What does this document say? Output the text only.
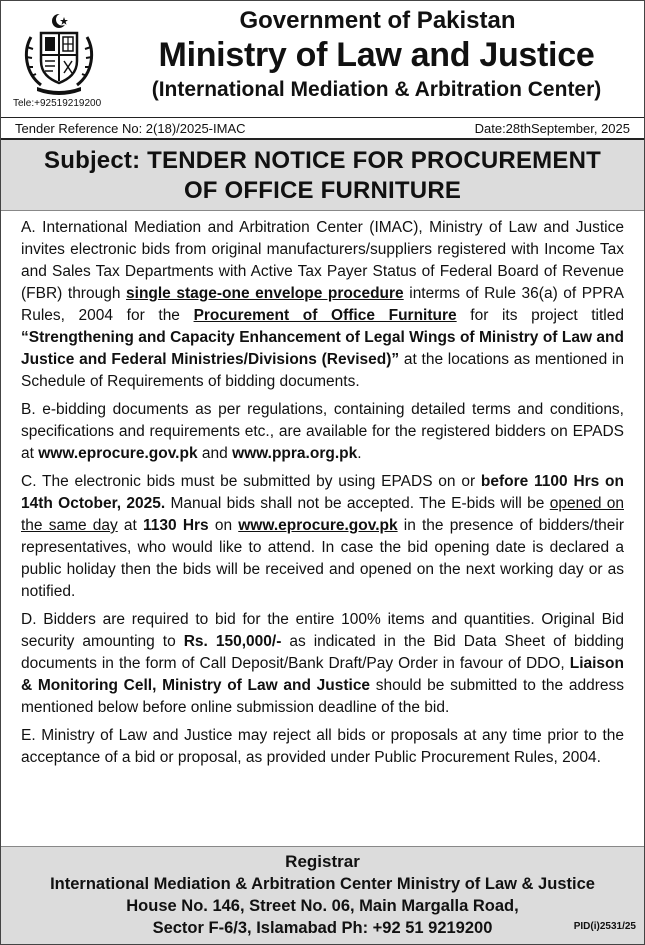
Tele:+92519219200
Government of Pakistan
Ministry of Law and Justice
(International Mediation & Arbitration Center)
Tender Reference No: 2(18)/2025-IMAC	Date:28thSeptember, 2025
Subject: TENDER NOTICE FOR PROCUREMENT
OF OFFICE FURNITURE

A. International Mediation and Arbitration Center (IMAC), Ministry of Law and Justice invites electronic bids from original manufacturers/suppliers registered with Income Tax and Sales Tax Departments with Active Tax Payer Status of Federal Board of Revenue (FBR) through single stage-one envelope procedure interms of Rule 36(a) of PPRA Rules, 2004 for the Procurement of Office Furniture for its project titled “Strengthening and Capacity Enhancement of Legal Wings of Ministry of Law and Justice and Federal Ministries/Divisions (Revised)” at the locations as mentioned in Schedule of Requirements of bidding documents.

B. e-bidding documents as per regulations, containing detailed terms and conditions, specifications and requirements etc., are available for the registered bidders on EPADS at www.eprocure.gov.pk and www.ppra.org.pk.

C. The electronic bids must be submitted by using EPADS on or before 1100 Hrs on 14th October, 2025. Manual bids shall not be accepted. The E-bids will be opened on the same day at 1130 Hrs on www.eprocure.gov.pk in the presence of bidders/their representatives, who would like to attend. In case the bid opening date is declared a public holiday then the bids will be received and opened on the next working day or as notified.

D. Bidders are required to bid for the entire 100% items and quantities. Original Bid security amounting to Rs. 150,000/- as indicated in the Bid Data Sheet of bidding documents in the form of Call Deposit/Bank Draft/Pay Order in favour of DDO, Liaison & Monitoring Cell, Ministry of Law and Justice should be submitted to the address mentioned below before online submission deadline of the bid.

E. Ministry of Law and Justice may reject all bids or proposals at any time prior to the acceptance of a bid or proposal, as provided under Public Procurement Rules, 2004.

Registrar
International Mediation & Arbitration Center Ministry of Law & Justice
House No. 146, Street No. 06, Main Margalla Road,
Sector F-6/3, Islamabad Ph: +92 51 9219200	PID(i)2531/25
